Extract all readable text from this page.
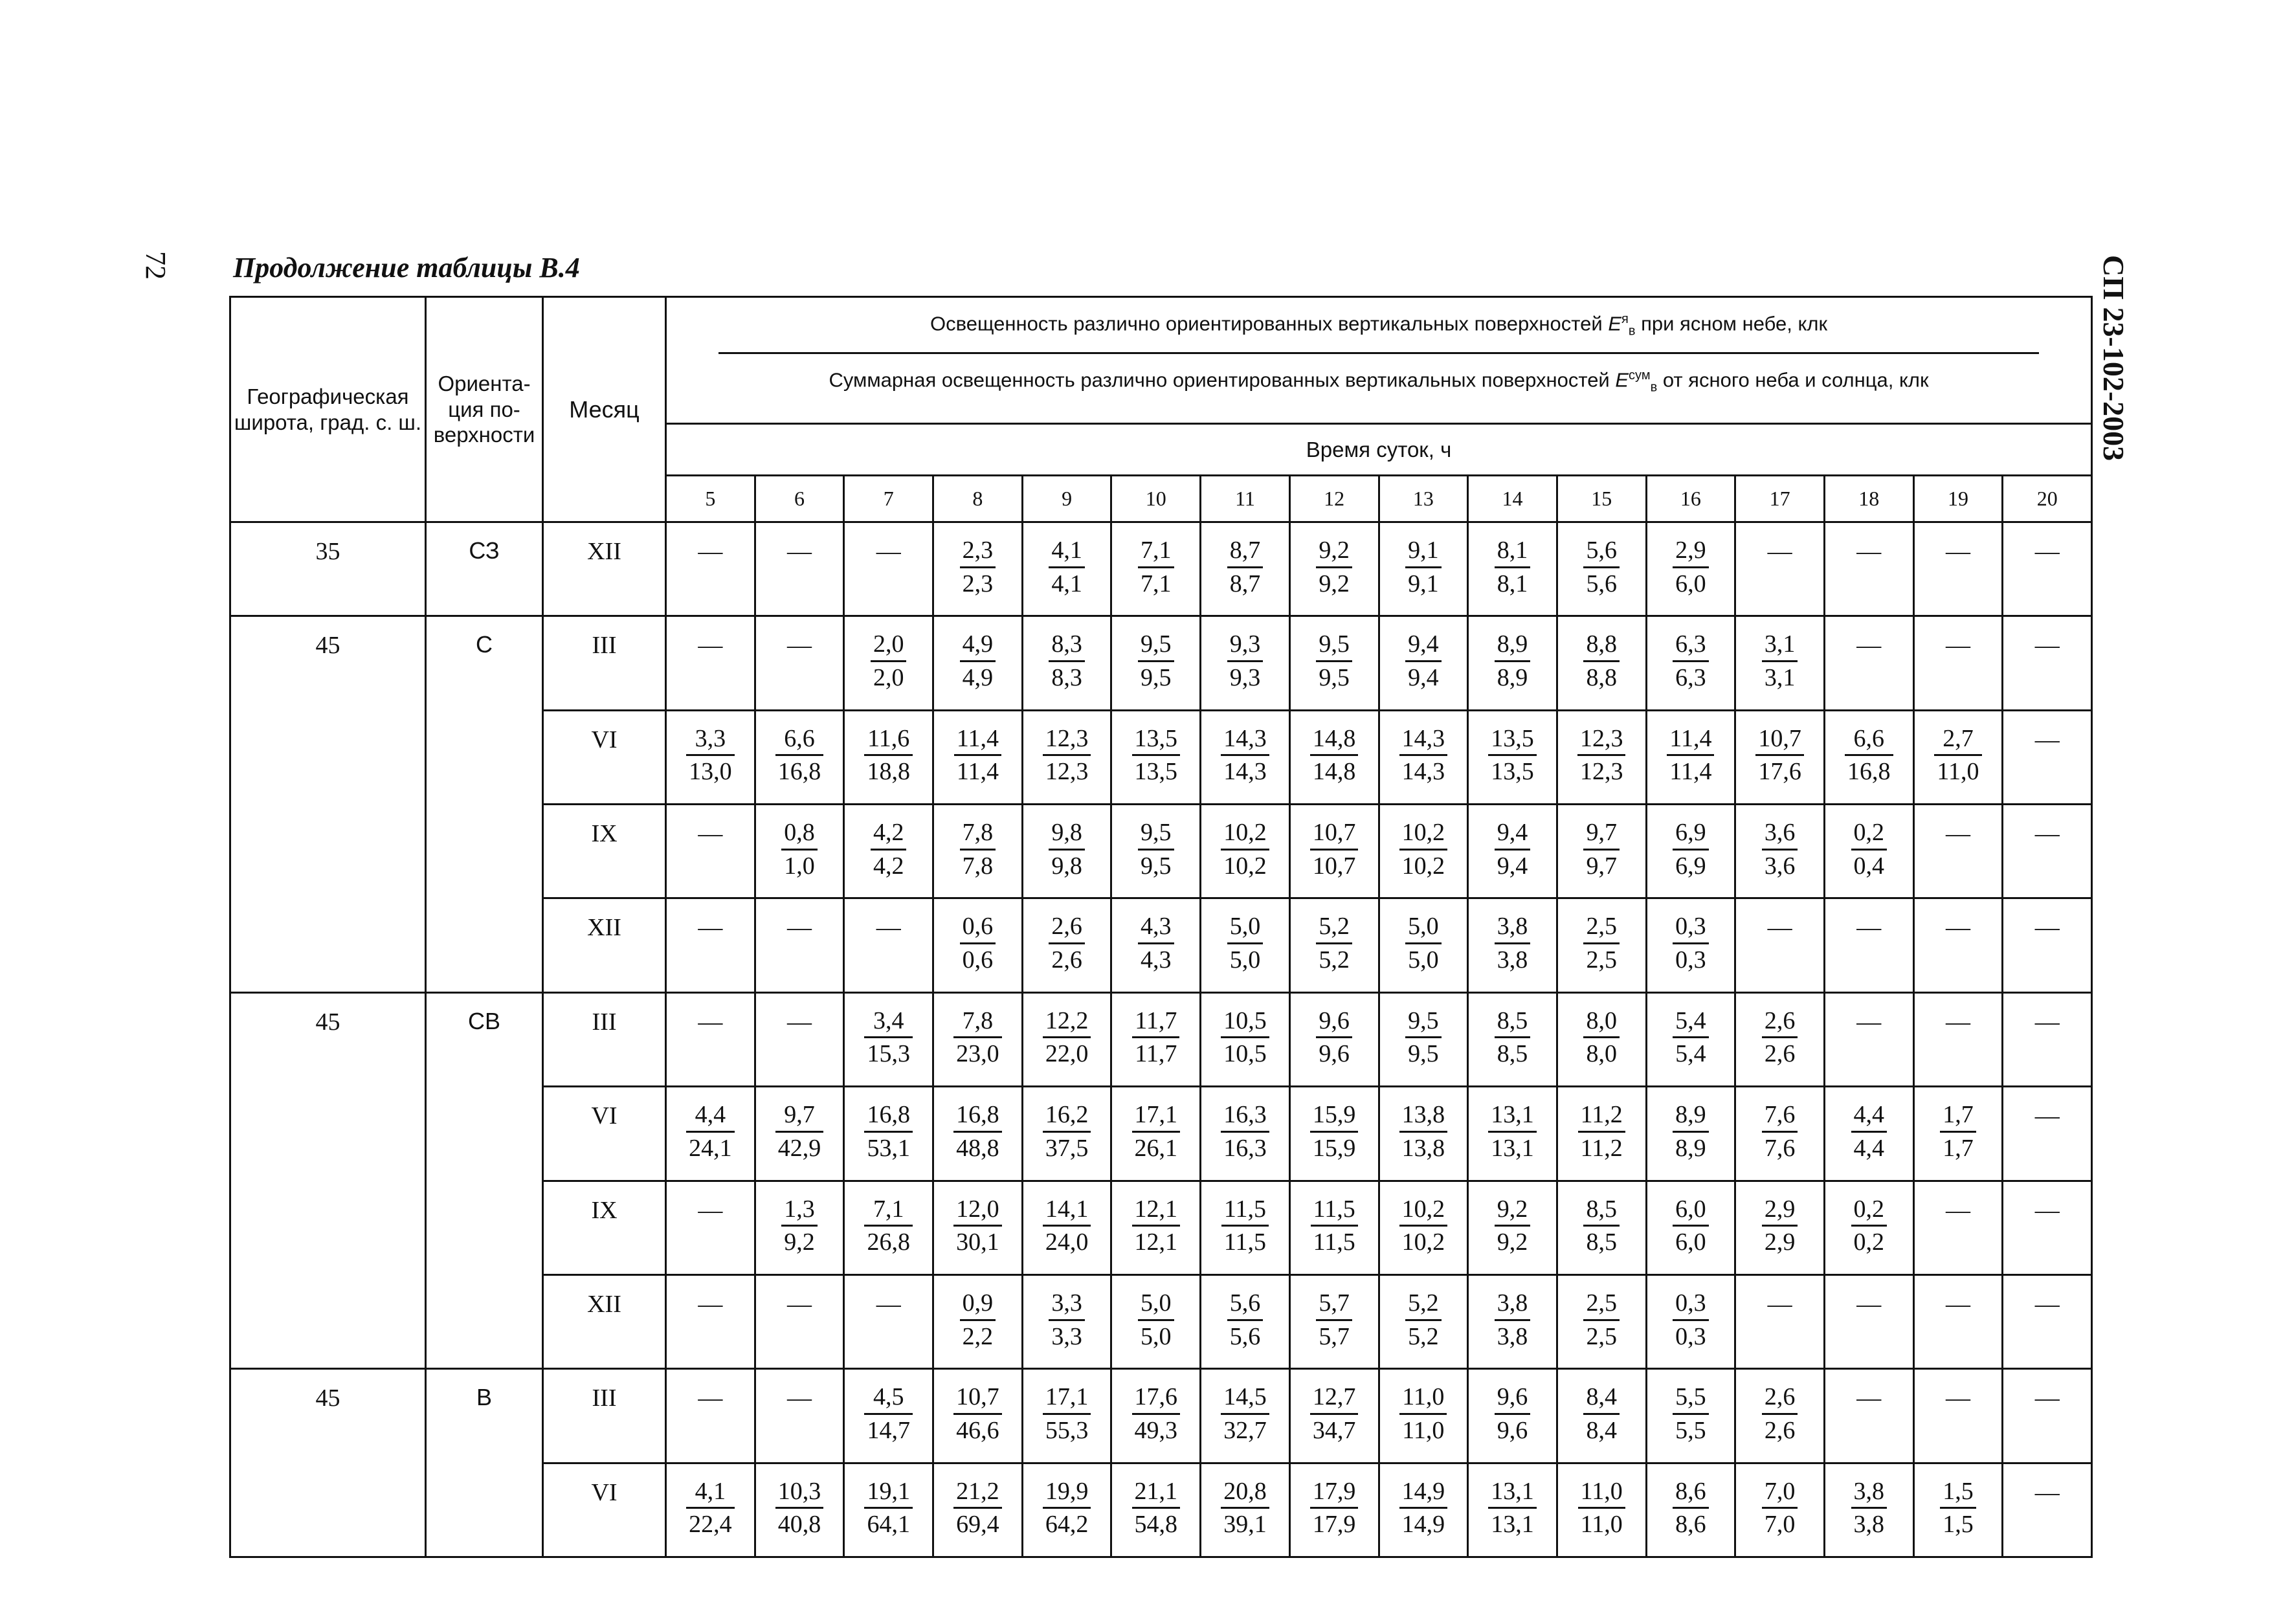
72 Продолжение таблицы В.4	СП 23-102-2003
Географическая широта, град. с. ш.	Ориента-ция по-верхности	Месяц	Освещенность различно ориентированных вертикальных поверхностей $E^я_в$ при ясном небе, клк
Суммарная освещенность различно ориентированных вертикальных поверхностей $E^{сум}_в$ от ясного неба и солнца, клк															

			Время суток, ч															
			5	6	7	8	9	10	11	12	13	14	15	16	17	18	19	20
35	СЗ	XII	—	—	—	$\frac{2,3}{2,3}$	$\frac{4,1}{4,1}$	$\frac{7,1}{7,1}$	$\frac{8,7}{8,7}$	$\frac{9,2}{9,2}$	$\frac{9,1}{9,1}$	$\frac{8,1}{8,1}$	$\frac{5,6}{5,6}$	$\frac{2,9}{6,0}$	—	—	—	—
45	С	III	—	—	$\frac{2,0}{2,0}$	$\frac{4,9}{4,9}$	$\frac{8,3}{8,3}$	$\frac{9,5}{9,5}$	$\frac{9,3}{9,3}$	$\frac{9,5}{9,5}$	$\frac{9,4}{9,4}$	$\frac{8,9}{8,9}$	$\frac{8,8}{8,8}$	$\frac{6,3}{6,3}$	$\frac{3,1}{3,1}$	—	—	—
		VI	$\frac{3,3}{13,0}$	$\frac{6,6}{16,8}$	$\frac{11,6}{18,8}$	$\frac{11,4}{11,4}$	$\frac{12,3}{12,3}$	$\frac{13,5}{13,5}$	$\frac{14,3}{14,3}$	$\frac{14,8}{14,8}$	$\frac{14,3}{14,3}$	$\frac{13,5}{13,5}$	$\frac{12,3}{12,3}$	$\frac{11,4}{11,4}$	$\frac{10,7}{17,6}$	$\frac{6,6}{16,8}$	$\frac{2,7}{11,0}$	—
		IX	—	$\frac{0,8}{1,0}$	$\frac{4,2}{4,2}$	$\frac{7,8}{7,8}$	$\frac{9,8}{9,8}$	$\frac{9,5}{9,5}$	$\frac{10,2}{10,2}$	$\frac{10,7}{10,7}$	$\frac{10,2}{10,2}$	$\frac{9,4}{9,4}$	$\frac{9,7}{9,7}$	$\frac{6,9}{6,9}$	$\frac{3,6}{3,6}$	$\frac{0,2}{0,4}$	—	—
		XII	—	—	—	$\frac{0,6}{0,6}$	$\frac{2,6}{2,6}$	$\frac{4,3}{4,3}$	$\frac{5,0}{5,0}$	$\frac{5,2}{5,2}$	$\frac{5,0}{5,0}$	$\frac{3,8}{3,8}$	$\frac{2,5}{2,5}$	$\frac{0,3}{0,3}$	—	—	—	—
45	СВ	III	—	—	$\frac{3,4}{15,3}$	$\frac{7,8}{23,0}$	$\frac{12,2}{22,0}$	$\frac{11,7}{11,7}$	$\frac{10,5}{10,5}$	$\frac{9,6}{9,6}$	$\frac{9,5}{9,5}$	$\frac{8,5}{8,5}$	$\frac{8,0}{8,0}$	$\frac{5,4}{5,4}$	$\frac{2,6}{2,6}$	—	—	—
		VI	$\frac{4,4}{24,1}$	$\frac{9,7}{42,9}$	$\frac{16,8}{53,1}$	$\frac{16,8}{48,8}$	$\frac{16,2}{37,5}$	$\frac{17,1}{26,1}$	$\frac{16,3}{16,3}$	$\frac{15,9}{15,9}$	$\frac{13,8}{13,8}$	$\frac{13,1}{13,1}$	$\frac{11,2}{11,2}$	$\frac{8,9}{8,9}$	$\frac{7,6}{7,6}$	$\frac{4,4}{4,4}$	$\frac{1,7}{1,7}$	—
		IX	—	$\frac{1,3}{9,2}$	$\frac{7,1}{26,8}$	$\frac{12,0}{30,1}$	$\frac{14,1}{24,0}$	$\frac{12,1}{12,1}$	$\frac{11,5}{11,5}$	$\frac{11,5}{11,5}$	$\frac{10,2}{10,2}$	$\frac{9,2}{9,2}$	$\frac{8,5}{8,5}$	$\frac{6,0}{6,0}$	$\frac{2,9}{2,9}$	$\frac{0,2}{0,2}$	—	—
		XII	—	—	—	$\frac{0,9}{2,2}$	$\frac{3,3}{3,3}$	$\frac{5,0}{5,0}$	$\frac{5,6}{5,6}$	$\frac{5,7}{5,7}$	$\frac{5,2}{5,2}$	$\frac{3,8}{3,8}$	$\frac{2,5}{2,5}$	$\frac{0,3}{0,3}$	—	—	—	—
45	В	III	—	—	$\frac{4,5}{14,7}$	$\frac{10,7}{46,6}$	$\frac{17,1}{55,3}$	$\frac{17,6}{49,3}$	$\frac{14,5}{32,7}$	$\frac{12,7}{34,7}$	$\frac{11,0}{11,0}$	$\frac{9,6}{9,6}$	$\frac{8,4}{8,4}$	$\frac{5,5}{5,5}$	$\frac{2,6}{2,6}$	—	—	—
		VI	$\frac{4,1}{22,4}$	$\frac{10,3}{40,8}$	$\frac{19,1}{64,1}$	$\frac{21,2}{69,4}$	$\frac{19,9}{64,2}$	$\frac{21,1}{54,8}$	$\frac{20,8}{39,1}$	$\frac{17,9}{17,9}$	$\frac{14,9}{14,9}$	$\frac{13,1}{13,1}$	$\frac{11,0}{11,0}$	$\frac{8,6}{8,6}$	$\frac{7,0}{7,0}$	$\frac{3,8}{3,8}$	$\frac{1,5}{1,5}$	—
